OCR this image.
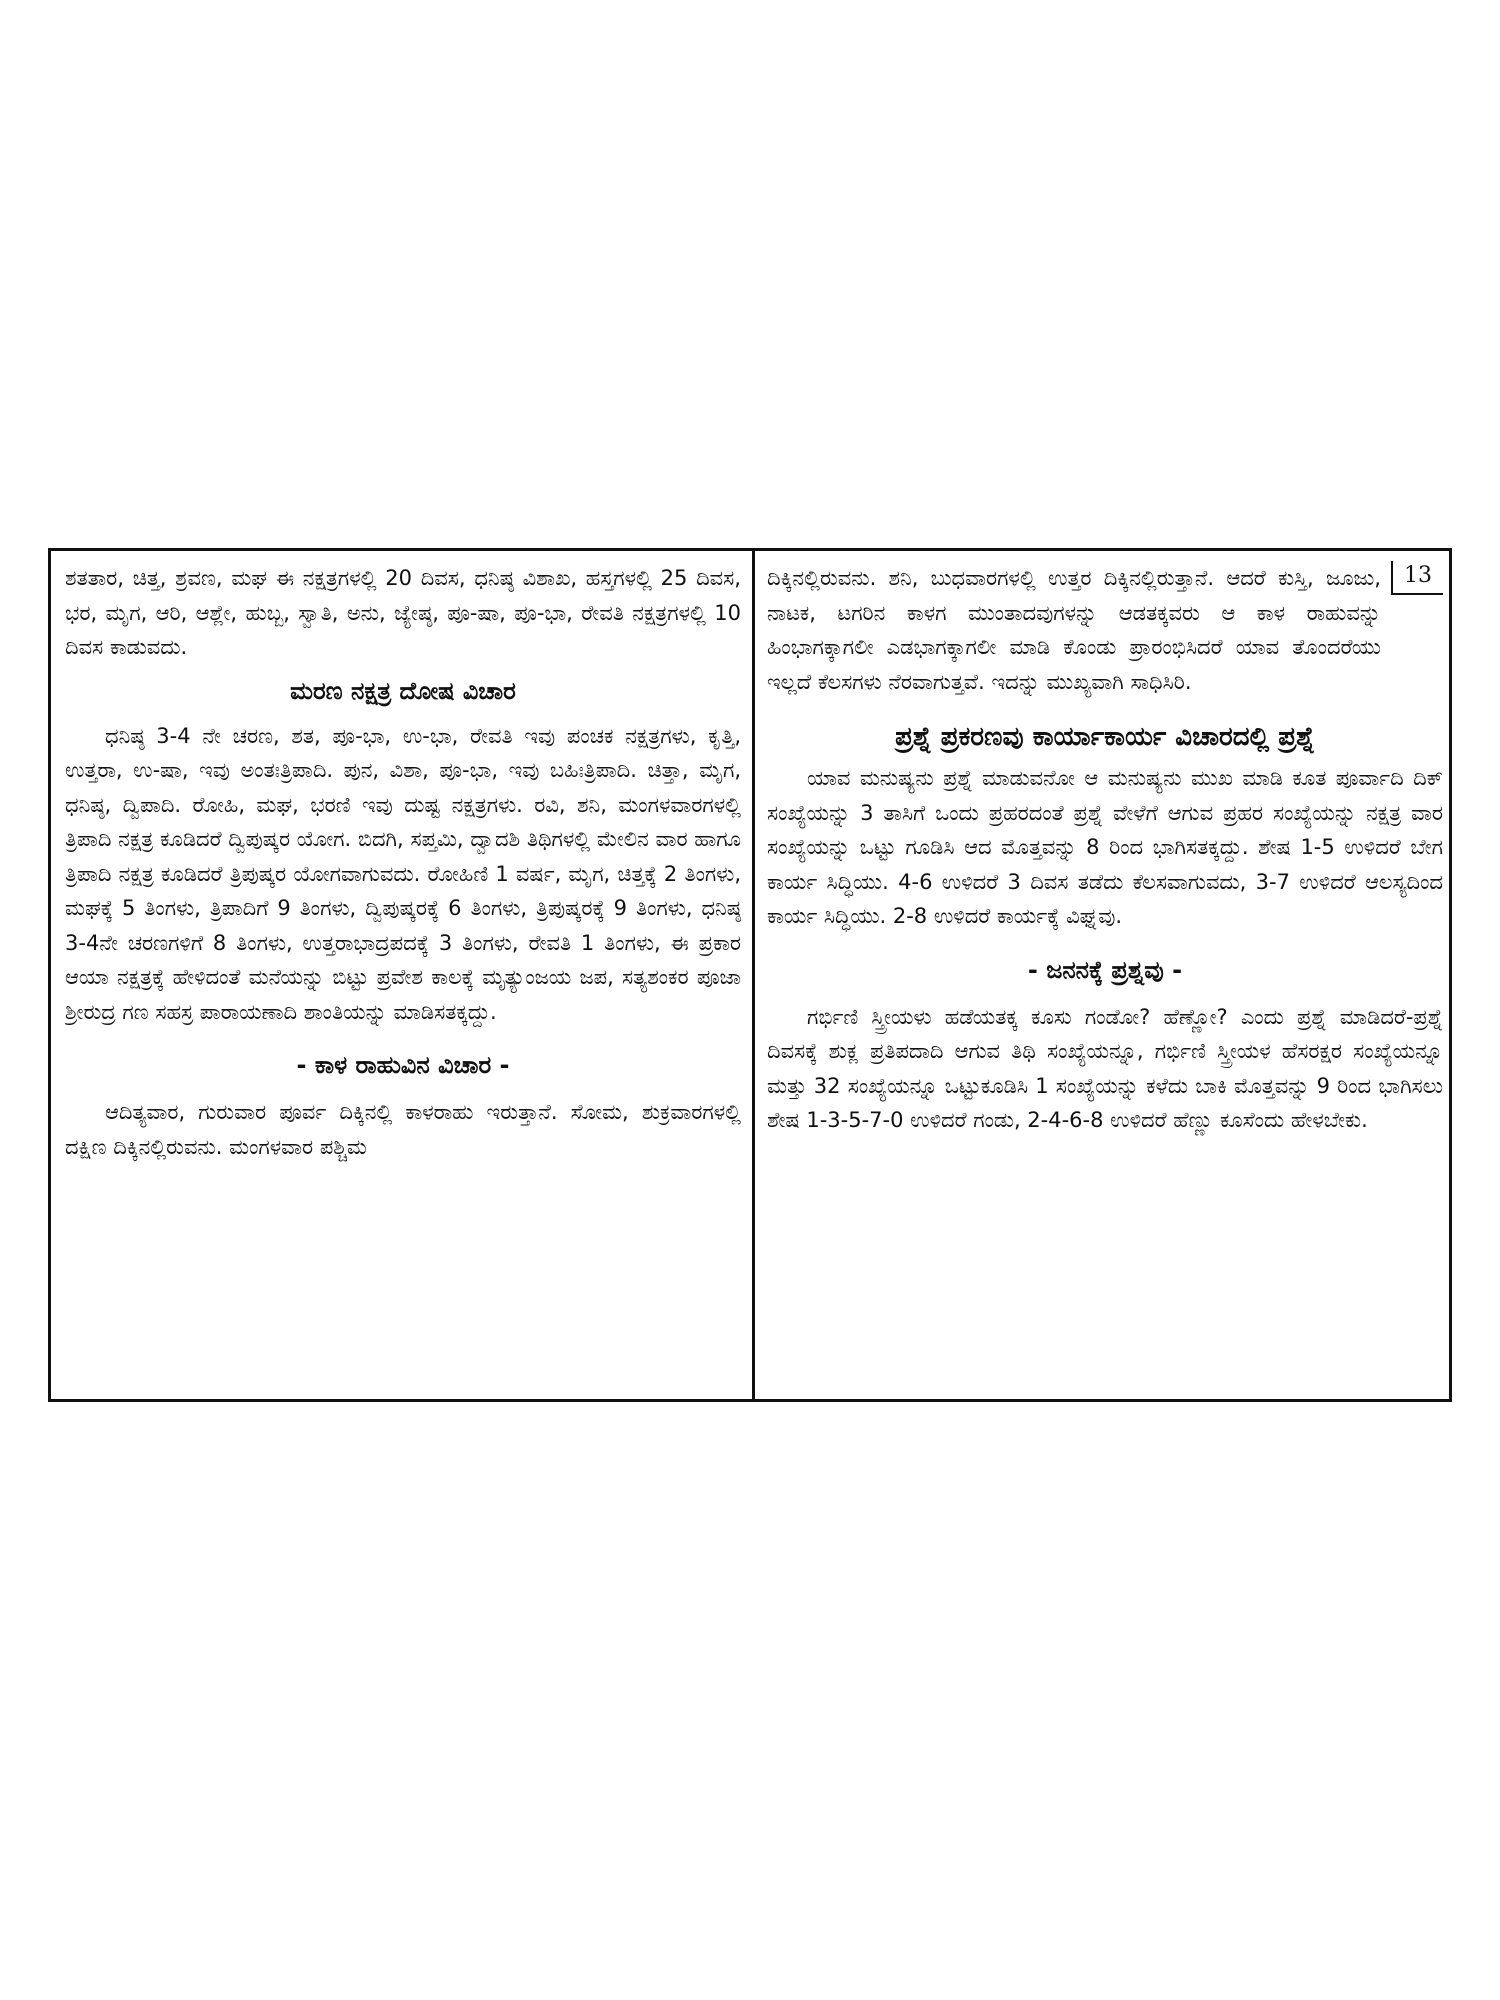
ಶತತಾರ, ಚಿತ್ತ, ಶ್ರವಣ, ಮಘ ಈ ನಕ್ಷತ್ರಗಳಲ್ಲಿ 20 ದಿವಸ, ಧನಿಷ್ಠ ವಿಶಾಖ, ಹಸ್ತಗಳಲ್ಲಿ 25 ದಿವಸ, ಭರ, ಮೃಗ, ಆರಿ, ಆಶ್ಲೇ, ಹುಬ್ಬ, ಸ್ವಾತಿ, ಅನು, ಜ್ಯೇಷ್ಠ, ಪೂ-ಷಾ, ಪೂ-ಭಾ, ರೇವತಿ ನಕ್ಷತ್ರಗಳಲ್ಲಿ 10 ದಿವಸ ಕಾಡುವದು.

ಮರಣ ನಕ್ಷತ್ರ ದೋಷ ವಿಚಾರ

ಧನಿಷ್ಠ 3-4 ನೇ ಚರಣ, ಶತ, ಪೂ-ಭಾ, ಉ-ಭಾ, ರೇವತಿ ಇವು ಪಂಚಕ ನಕ್ಷತ್ರಗಳು, ಕೃತ್ತಿ, ಉತ್ತರಾ, ಉ-ಷಾ, ಇವು ಅಂತಃತ್ರಿಪಾದಿ. ಪುನ, ವಿಶಾ, ಪೂ-ಭಾ, ಇವು ಬಹಿಃತ್ರಿಪಾದಿ. ಚಿತ್ತಾ, ಮೃಗ, ಧನಿಷ್ಠ, ದ್ವಿಪಾದಿ. ರೋಹಿ, ಮಘ, ಭರಣಿ ಇವು ದುಷ್ಟ ನಕ್ಷತ್ರಗಳು. ರವಿ, ಶನಿ, ಮಂಗಳವಾರಗಳಲ್ಲಿ ತ್ರಿಪಾದಿ ನಕ್ಷತ್ರ ಕೂಡಿದರೆ ದ್ವಿಪುಷ್ಕರ ಯೋಗ. ಬಿದಗಿ, ಸಪ್ತಮಿ, ದ್ವಾದಶಿ ತಿಥಿಗಳಲ್ಲಿ ಮೇಲಿನ ವಾರ ಹಾಗೂ ತ್ರಿಪಾದಿ ನಕ್ಷತ್ರ ಕೂಡಿದರೆ ತ್ರಿಪುಷ್ಕರ ಯೋಗವಾಗುವದು. ರೋಹಿಣಿ 1 ವರ್ಷ, ಮೃಗ, ಚಿತ್ತಕ್ಕೆ 2 ತಿಂಗಳು, ಮಘಕ್ಕೆ 5 ತಿಂಗಳು, ತ್ರಿಪಾದಿಗೆ 9 ತಿಂಗಳು, ದ್ವಿಪುಷ್ಕರಕ್ಕೆ 6 ತಿಂಗಳು, ತ್ರಿಪುಷ್ಕರಕ್ಕೆ 9 ತಿಂಗಳು, ಧನಿಷ್ಠ 3-4ನೇ ಚರಣಗಳಿಗೆ 8 ತಿಂಗಳು, ಉತ್ತರಾಭಾದ್ರಪದಕ್ಕೆ 3 ತಿಂಗಳು, ರೇವತಿ 1 ತಿಂಗಳು, ಈ ಪ್ರಕಾರ ಆಯಾ ನಕ್ಷತ್ರಕ್ಕೆ ಹೇಳಿದಂತೆ ಮನೆಯನ್ನು ಬಿಟ್ಟು ಪ್ರವೇಶ ಕಾಲಕ್ಕೆ ಮೃತ್ಯುಂಜಯ ಜಪ, ಸತ್ಯಶಂಕರ ಪೂಜಾ ಶ್ರೀರುದ್ರ ಗಣ ಸಹಸ್ರ ಪಾರಾಯಣಾದಿ ಶಾಂತಿಯನ್ನು ಮಾಡಿಸತಕ್ಕದ್ದು.

- ಕಾಳ ರಾಹುವಿನ ವಿಚಾರ -

ಆದಿತ್ಯವಾರ, ಗುರುವಾರ ಪೂರ್ವ ದಿಕ್ಕಿನಲ್ಲಿ ಕಾಳರಾಹು ಇರುತ್ತಾನೆ. ಸೋಮ, ಶುಕ್ರವಾರಗಳಲ್ಲಿ ದಕ್ಷಿಣ ದಿಕ್ಕಿನಲ್ಲಿರುವನು. ಮಂಗಳವಾರ ಪಶ್ಚಿಮ

13

ದಿಕ್ಕಿನಲ್ಲಿರುವನು. ಶನಿ, ಬುಧವಾರಗಳಲ್ಲಿ ಉತ್ತರ ದಿಕ್ಕಿನಲ್ಲಿರುತ್ತಾನೆ. ಆದರೆ ಕುಸ್ತಿ, ಜೂಜು, ನಾಟಕ, ಟಗರಿನ ಕಾಳಗ ಮುಂತಾದವುಗಳನ್ನು ಆಡತಕ್ಕವರು ಆ ಕಾಳ ರಾಹುವನ್ನು ಹಿಂಭಾಗಕ್ಕಾಗಲೀ ಎಡಭಾಗಕ್ಕಾಗಲೀ ಮಾಡಿ ಕೊಂಡು ಪ್ರಾರಂಭಿಸಿದರೆ ಯಾವ ತೊಂದರೆಯು ಇಲ್ಲದೆ ಕೆಲಸಗಳು ನೆರವಾಗುತ್ತವೆ. ಇದನ್ನು ಮುಖ್ಯವಾಗಿ ಸಾಧಿಸಿರಿ.

ಪ್ರಶ್ನೆ ಪ್ರಕರಣವು ಕಾರ್ಯಾಕಾರ್ಯ ವಿಚಾರದಲ್ಲಿ ಪ್ರಶ್ನೆ

ಯಾವ ಮನುಷ್ಯನು ಪ್ರಶ್ನೆ ಮಾಡುವನೋ ಆ ಮನುಷ್ಯನು ಮುಖ ಮಾಡಿ ಕೂತ ಪೂರ್ವಾದಿ ದಿಕ್ ಸಂಖ್ಯೆಯನ್ನು 3 ತಾಸಿಗೆ ಒಂದು ಪ್ರಹರದಂತೆ ಪ್ರಶ್ನೆ ವೇಳೆಗೆ ಆಗುವ ಪ್ರಹರ ಸಂಖ್ಯೆಯನ್ನು ನಕ್ಷತ್ರ ವಾರ ಸಂಖ್ಯೆಯನ್ನು ಒಟ್ಟು ಗೂಡಿಸಿ ಆದ ಮೊತ್ತವನ್ನು 8 ರಿಂದ ಭಾಗಿಸತಕ್ಕದ್ದು. ಶೇಷ 1-5 ಉಳಿದರೆ ಬೇಗ ಕಾರ್ಯ ಸಿದ್ಧಿಯು. 4-6 ಉಳಿದರೆ 3 ದಿವಸ ತಡೆದು ಕೆಲಸವಾಗುವದು, 3-7 ಉಳಿದರೆ ಆಲಸ್ಯದಿಂದ ಕಾರ್ಯ ಸಿದ್ಧಿಯು. 2-8 ಉಳಿದರೆ ಕಾರ್ಯಕ್ಕೆ ವಿಘ್ನವು.

- ಜನನಕ್ಕೆ ಪ್ರಶ್ನವು -

ಗರ್ಭಿಣಿ ಸ್ತ್ರೀಯಳು ಹಡೆಯತಕ್ಕ ಕೂಸು ಗಂಡೋ? ಹೆಣ್ಣೋ? ಎಂದು ಪ್ರಶ್ನೆ ಮಾಡಿದರೆ-ಪ್ರಶ್ನೆ ದಿವಸಕ್ಕೆ ಶುಕ್ಲ ಪ್ರತಿಪದಾದಿ ಆಗುವ ತಿಥಿ ಸಂಖ್ಯೆಯನ್ನೂ, ಗರ್ಭಿಣಿ ಸ್ತ್ರೀಯಳ ಹೆಸರಕ್ಷರ ಸಂಖ್ಯೆಯನ್ನೂ ಮತ್ತು 32 ಸಂಖ್ಯೆಯನ್ನೂ ಒಟ್ಟುಕೂಡಿಸಿ 1 ಸಂಖ್ಯೆಯನ್ನು ಕಳೆದು ಬಾಕಿ ಮೊತ್ತವನ್ನು 9 ರಿಂದ ಭಾಗಿಸಲು ಶೇಷ 1-3-5-7-0 ಉಳಿದರೆ ಗಂಡು, 2-4-6-8 ಉಳಿದರೆ ಹೆಣ್ಣು ಕೂಸೆಂದು ಹೇಳಬೇಕು.
